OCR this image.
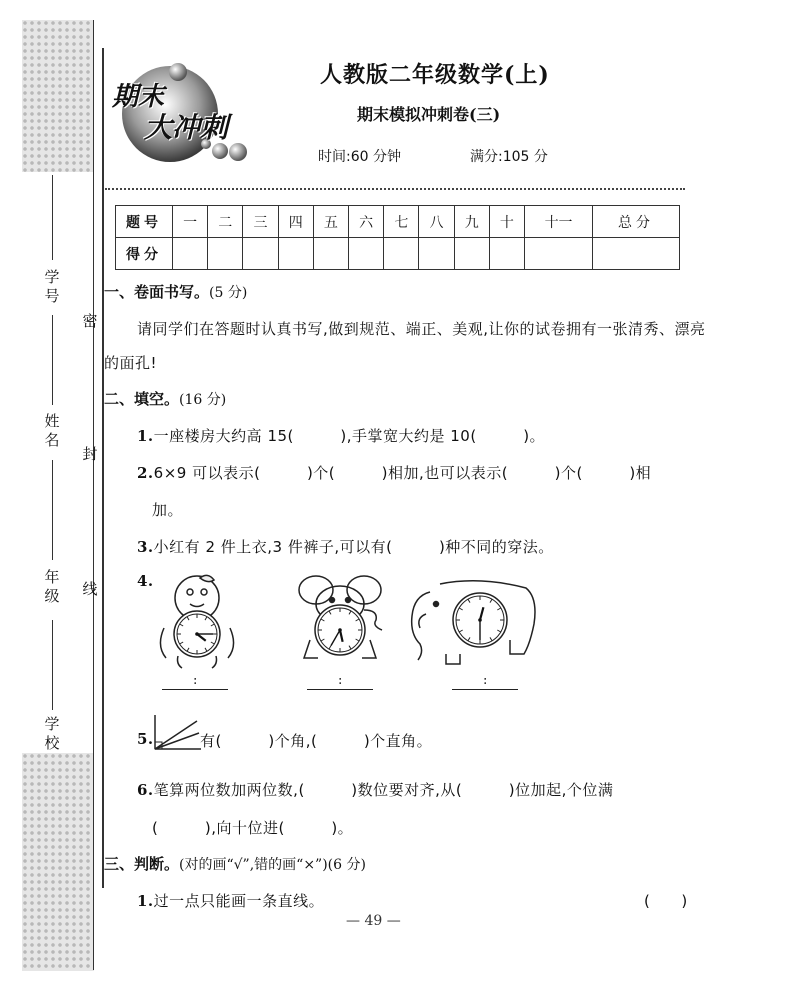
学号
姓名
年级
学校
密
封
线
期末
大冲刺
人教版二年级数学(上)
期末模拟冲刺卷(三)
时间:60 分钟	满分:105 分
题号	一	二	三	四	五	六	七	八	九	十	十一	总分
得分												
一、卷面书写。(5 分)
请同学们在答题时认真书写,做到规范、端正、美观,让你的试卷拥有一张清秀、漂亮
的面孔!
二、填空。(16 分)
1.一座楼房大约高 15(　　　),手掌宽大约是 10(　　　)。
2.6×9 可以表示(　　　)个(　　　)相加,也可以表示(　　　)个(　　　)相
加。
3.小红有 2 件上衣,3 件裤子,可以有(　　　)种不同的穿法。
4.
:	:	:
5.	有(　　　)个角,(　　　)个直角。
6.笔算两位数加两位数,(　　　)数位要对齐,从(　　　)位加起,个位满
(　　　),向十位进(　　　)。
三、判断。(对的画“√”,错的画“×”)(6 分)
1.过一点只能画一条直线。	(　　)
— 49 —
